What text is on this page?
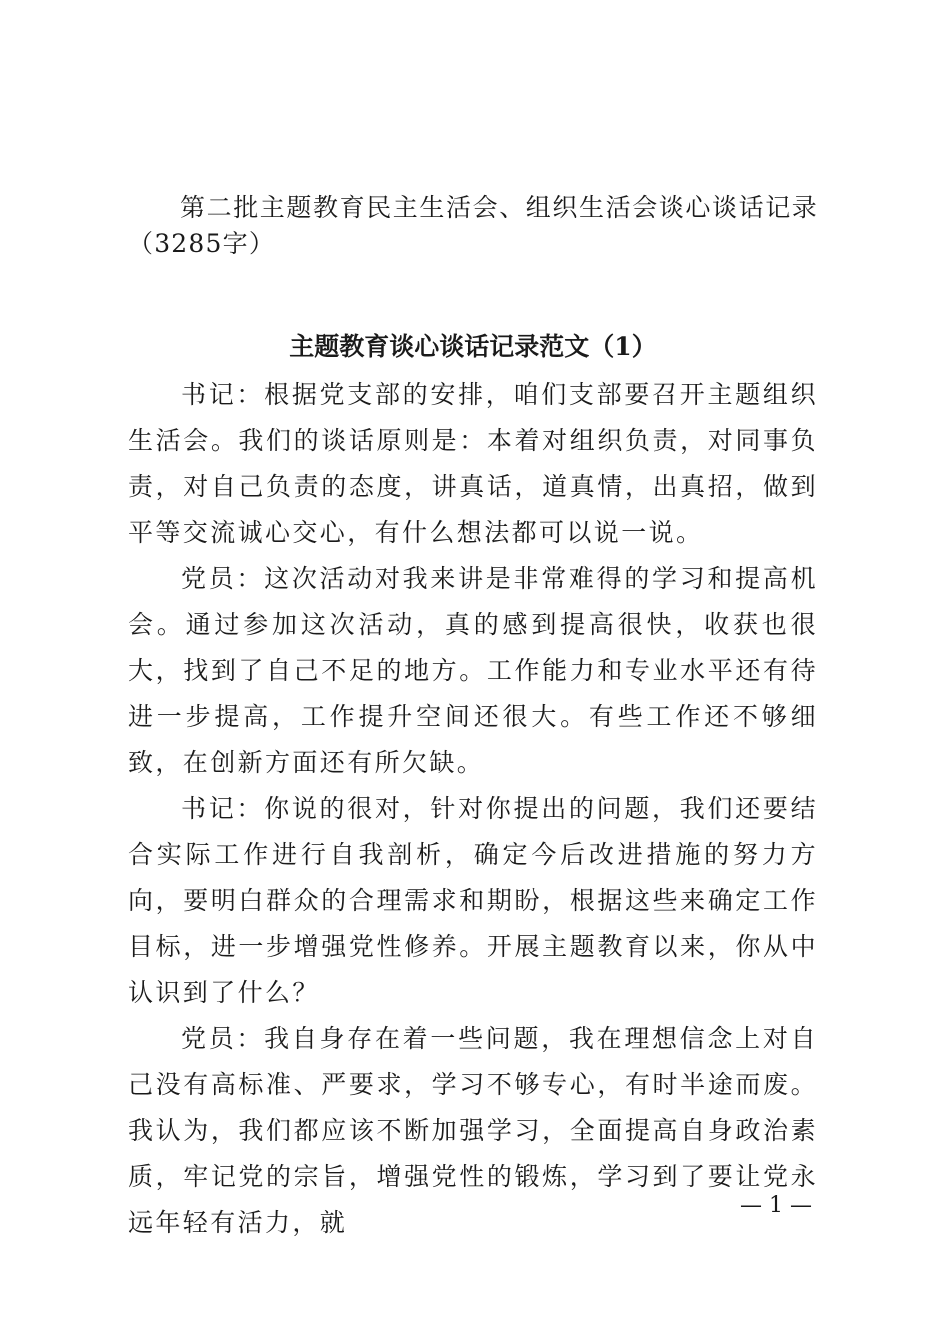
第二批主题教育民主生活会、组织生活会谈心谈话记录（3285字）
主题教育谈心谈话记录范文（1）

书记：根据党支部的安排，咱们支部要召开主题组织生活会。我们的谈话原则是：本着对组织负责，对同事负责，对自己负责的态度，讲真话，道真情，出真招，做到平等交流诚心交心，有什么想法都可以说一说。

党员：这次活动对我来讲是非常难得的学习和提高机会。通过参加这次活动，真的感到提高很快，收获也很大，找到了自己不足的地方。工作能力和专业水平还有待进一步提高，工作提升空间还很大。有些工作还不够细致，在创新方面还有所欠缺。

书记：你说的很对，针对你提出的问题，我们还要结合实际工作进行自我剖析，确定今后改进措施的努力方向，要明白群众的合理需求和期盼，根据这些来确定工作目标，进一步增强党性修养。开展主题教育以来，你从中认识到了什么？

党员：我自身存在着一些问题，我在理想信念上对自己没有高标准、严要求，学习不够专心，有时半途而废。我认为，我们都应该不断加强学习，全面提高自身政治素质，牢记党的宗旨，增强党性的锻炼，学习到了要让党永远年轻有活力，就

— 1 —
